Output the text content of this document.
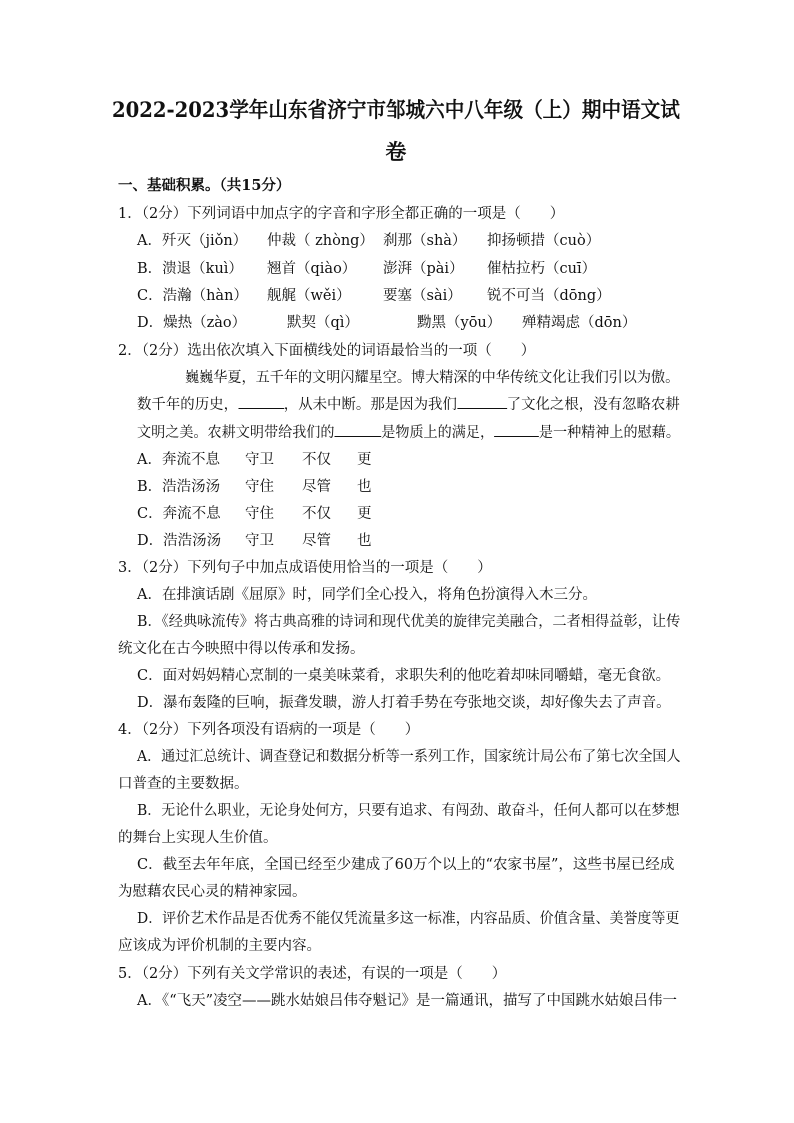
2022-2023学年山东省济宁市邹城六中八年级（上）期中语文试
卷
一、基础积累。（共15分）
1．（2分）下列词语中加点字的字音和字形全都正确的一项是（　　）
A．歼灭（jiǒn） 仲裁（ zhòng） 刹那（shà） 抑扬顿措（cuò）
B．溃退（kuì） 翘首（qiào） 澎湃（pài） 催枯拉朽（cuī）
C．浩瀚（hàn） 舰艉（wěi） 要塞（sài） 锐不可当（dōng）
D．燥热（zào）	默契（qì）	黝黑（yōu） 殚精竭虑（dōn）
2．（2分）选出依次填入下面横线处的词语最恰当的一项（　　）
巍巍华夏，五千年的文明闪耀星空。博大精深的中华传统文化让我们引以为傲。
数千年的历史，	，从未中断。那是因为我们	了文化之根，没有忽略农耕
文明之美。农耕文明带给我们的	是物质上的满足，	是一种精神上的慰藉。
A．奔流不息 守卫 不仅 更
B．浩浩汤汤 守住 尽管 也
C．奔流不息 守住 不仅 更
D．浩浩汤汤 守卫 尽管 也
3．（2分）下列句子中加点成语使用恰当的一项是（　　）
A．在排演话剧《屈原》时，同学们全心投入，将角色扮演得入木三分。
B．《经典咏流传》将古典高雅的诗词和现代优美的旋律完美融合，二者相得益彰，让传
统文化在古今映照中得以传承和发扬。
C．面对妈妈精心烹制的一桌美味菜肴，求职失利的他吃着却味同嚼蜡，毫无食欲。
D．瀑布轰隆的巨响，振聋发聩，游人打着手势在夸张地交谈，却好像失去了声音。
4．（2分）下列各项没有语病的一项是（　　）
A．通过汇总统计、调查登记和数据分析等一系列工作，国家统计局公布了第七次全国人
口普查的主要数据。
B．无论什么职业，无论身处何方，只要有追求、有闯劲、敢奋斗，任何人都可以在梦想
的舞台上实现人生价值。
C．截至去年年底，全国已经至少建成了60万个以上的“农家书屋”，这些书屋已经成
为慰藉农民心灵的精神家园。
D．评价艺术作品是否优秀不能仅凭流量多这一标准，内容品质、价值含量、美誉度等更
应该成为评价机制的主要内容。
5．（2分）下列有关文学常识的表述，有误的一项是（　　）
A．《“飞天”凌空——跳水姑娘吕伟夺魁记》是一篇通讯，描写了中国跳水姑娘吕伟一
